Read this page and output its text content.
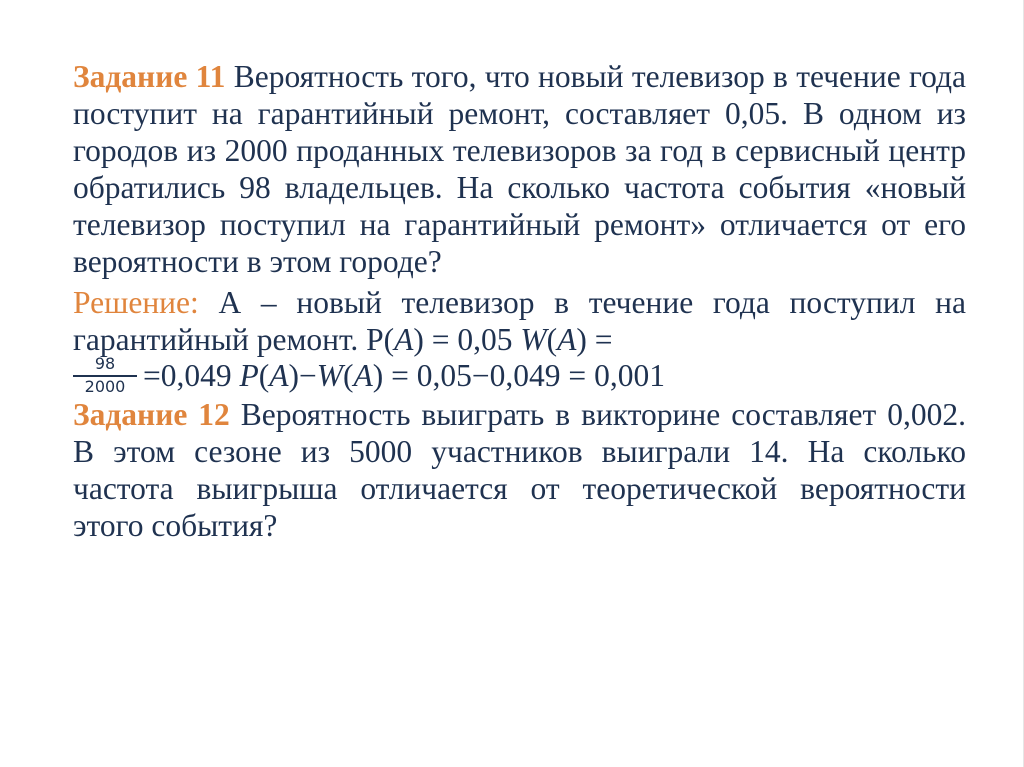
Задание 11 Вероятность того, что новый телевизор в течение года поступит на гарантийный ремонт, составляет 0,05. В одном из городов из 2000 проданных телевизоров за год в сервисный центр обратились 98 владельцев. На сколько частота события «новый телевизор поступил на гарантийный ремонт» отличается от его вероятности в этом городе?

Решение: А – новый телевизор в течение года поступил на гарантийный ремонт. P(A) = 0,05 W(A) =

$\frac{98}{2000} =0,049$ P(A)−W(A) = 0,05−0,049 = 0,001

Задание 12 Вероятность выиграть в викторине составляет 0,002. В этом сезоне из 5000 участников выиграли 14. На сколько частота выигрыша отличается от теоретической вероятности этого события?
